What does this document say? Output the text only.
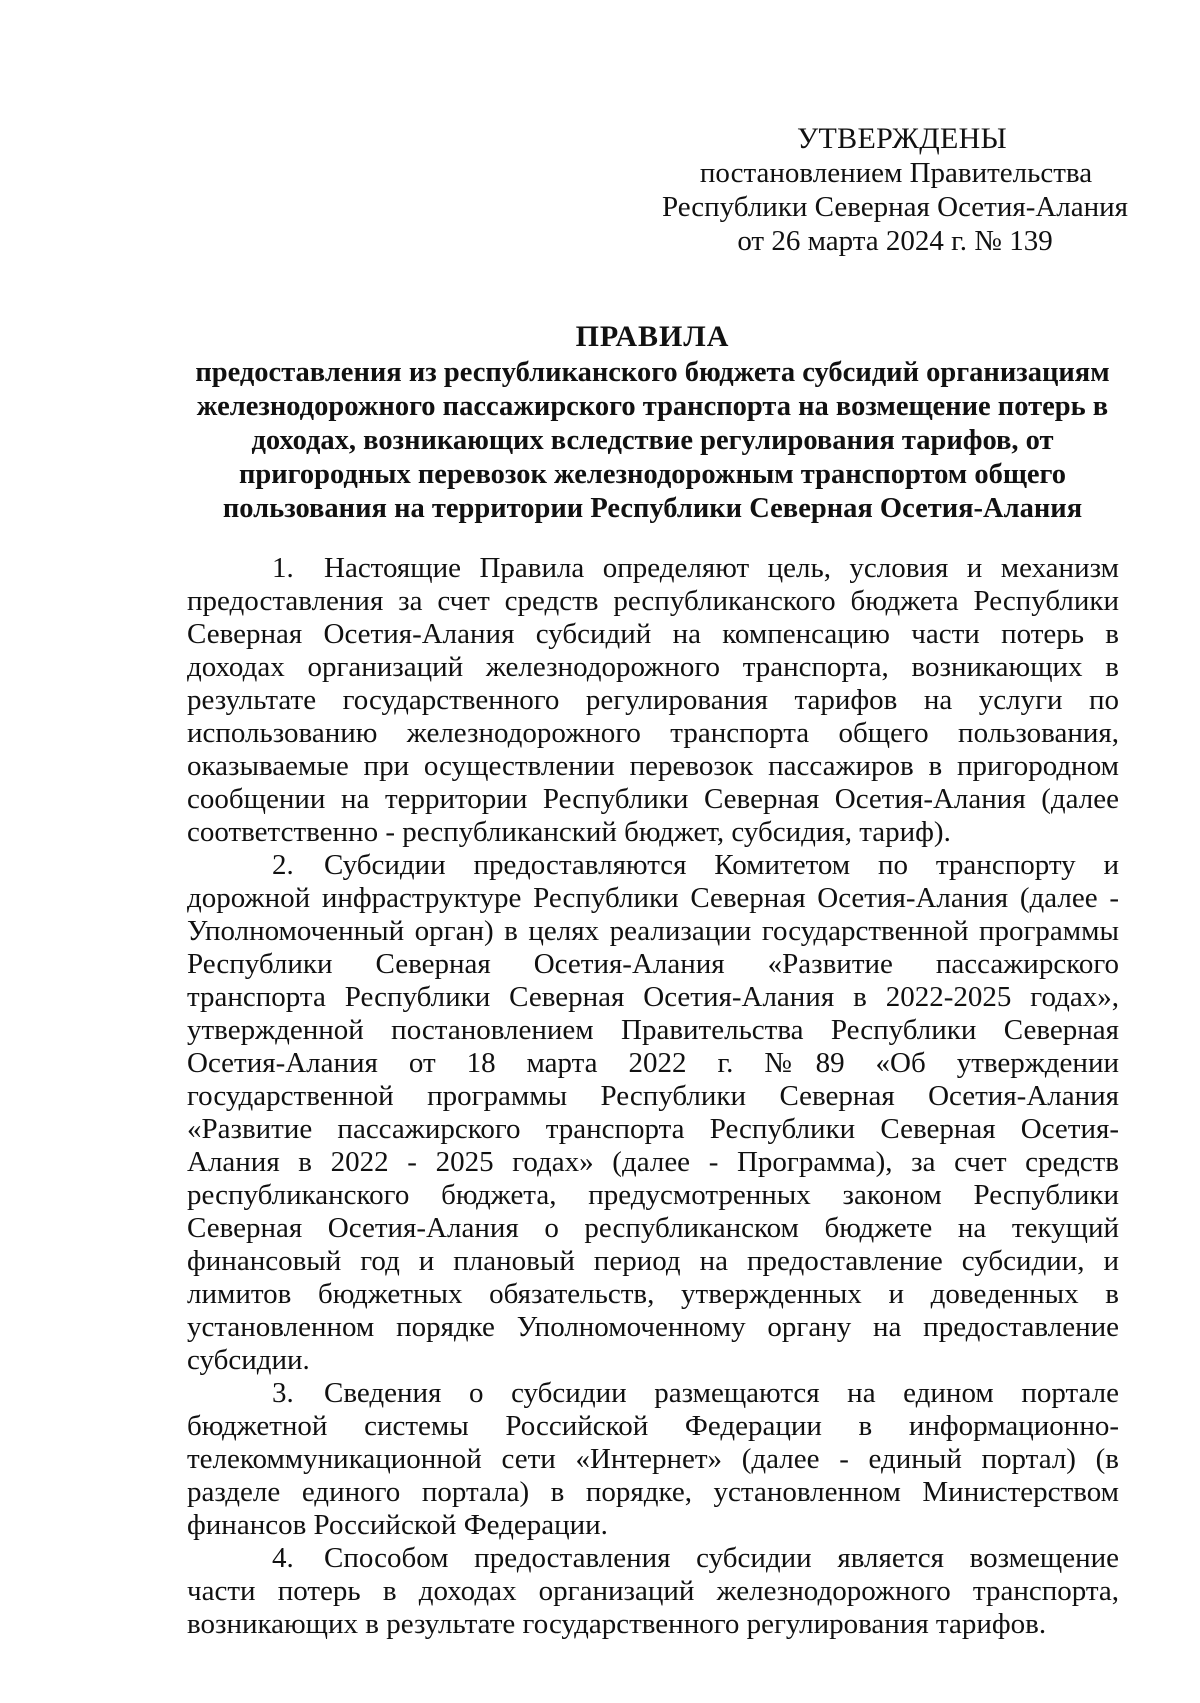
УТВЕРЖДЕНЫ
постановлением Правительства
Республики Северная Осетия-Алания
от 26 марта 2024 г. № 139
ПРАВИЛА
предоставления из республиканского бюджета субсидий организациям железнодорожного пассажирского транспорта на возмещение потерь в доходах, возникающих вследствие регулирования тарифов, от пригородных перевозок железнодорожным транспортом общего пользования на территории Республики Северная Осетия-Алания

1. Настоящие Правила определяют цель, условия и механизм предоставления за счет средств республиканского бюджета Республики Северная Осетия-Алания субсидий на компенсацию части потерь в доходах организаций железнодорожного транспорта, возникающих в результате государственного регулирования тарифов на услуги по использованию железнодорожного транспорта общего пользования, оказываемые при осуществлении перевозок пассажиров в пригородном сообщении на территории Республики Северная Осетия-Алания (далее соответственно - республиканский бюджет, субсидия, тариф).

2. Субсидии предоставляются Комитетом по транспорту и дорожной инфраструктуре Республики Северная Осетия-Алания (далее - Уполномоченный орган) в целях реализации государственной программы Республики Северная Осетия-Алания «Развитие пассажирского транспорта Республики Северная Осетия-Алания в 2022-2025 годах», утвержденной постановлением Правительства Республики Северная Осетия-Алания от 18 марта 2022 г. №89 «Об утверждении государственной программы Республики Северная Осетия-Алания «Развитие пассажирского транспорта Республики Северная Осетия-Алания в 2022 - 2025 годах» (далее - Программа), за счет средств республиканского бюджета, предусмотренных законом Республики Северная Осетия-Алания о республиканском бюджете на текущий финансовый год и плановый период на предоставление субсидии, и лимитов бюджетных обязательств, утвержденных и доведенных в установленном порядке Уполномоченному органу на предоставление субсидии.

3. Сведения о субсидии размещаются на едином портале бюджетной системы Российской Федерации в информационно-телекоммуникационной сети «Интернет» (далее - единый портал) (в разделе единого портала) в порядке, установленном Министерством финансов Российской Федерации.

4. Способом предоставления субсидии является возмещение части потерь в доходах организаций железнодорожного транспорта, возникающих в результате государственного регулирования тарифов.
